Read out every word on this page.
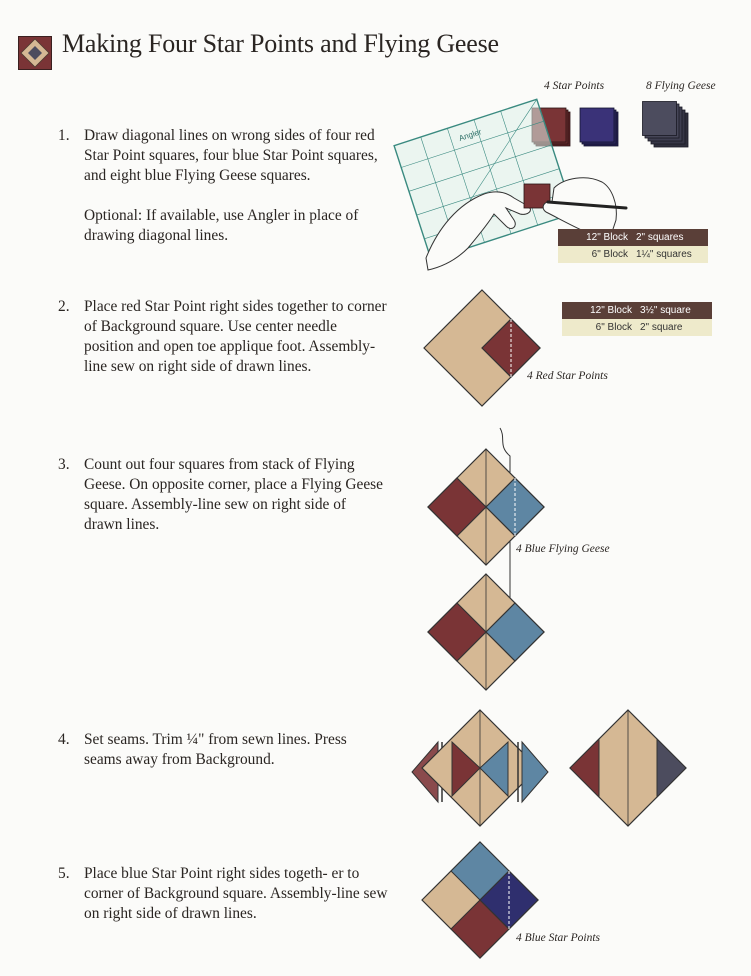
Making Four Star Points and Flying Geese
1. Draw diagonal lines on wrong sides of four red Star Point squares, four blue Star Point squares, and eight blue Flying Geese squares.

Optional: If available, use Angler in place of drawing diagonal lines.

2. Place red Star Point right sides together to corner of Background square. Use center needle position and open toe applique foot. Assembly-line sew on right side of drawn lines.

3. Count out four squares from stack of Flying Geese. On opposite corner, place a Flying Geese square. Assembly-line sew on right side of drawn lines.

4. Set seams. Trim ¼" from sewn lines. Press seams away from Background.

5. Place blue Star Point right sides togeth- er to corner of Background square. Assembly-line sew on right side of drawn lines.

4 Star Points	8 Flying Geese
Angler
12" Block 2" squares
6" Block 1¼" squares
12" Block 3½" square
6" Block 2" square
4 Red Star Points
4 Blue Flying Geese
4 Blue Star Points
